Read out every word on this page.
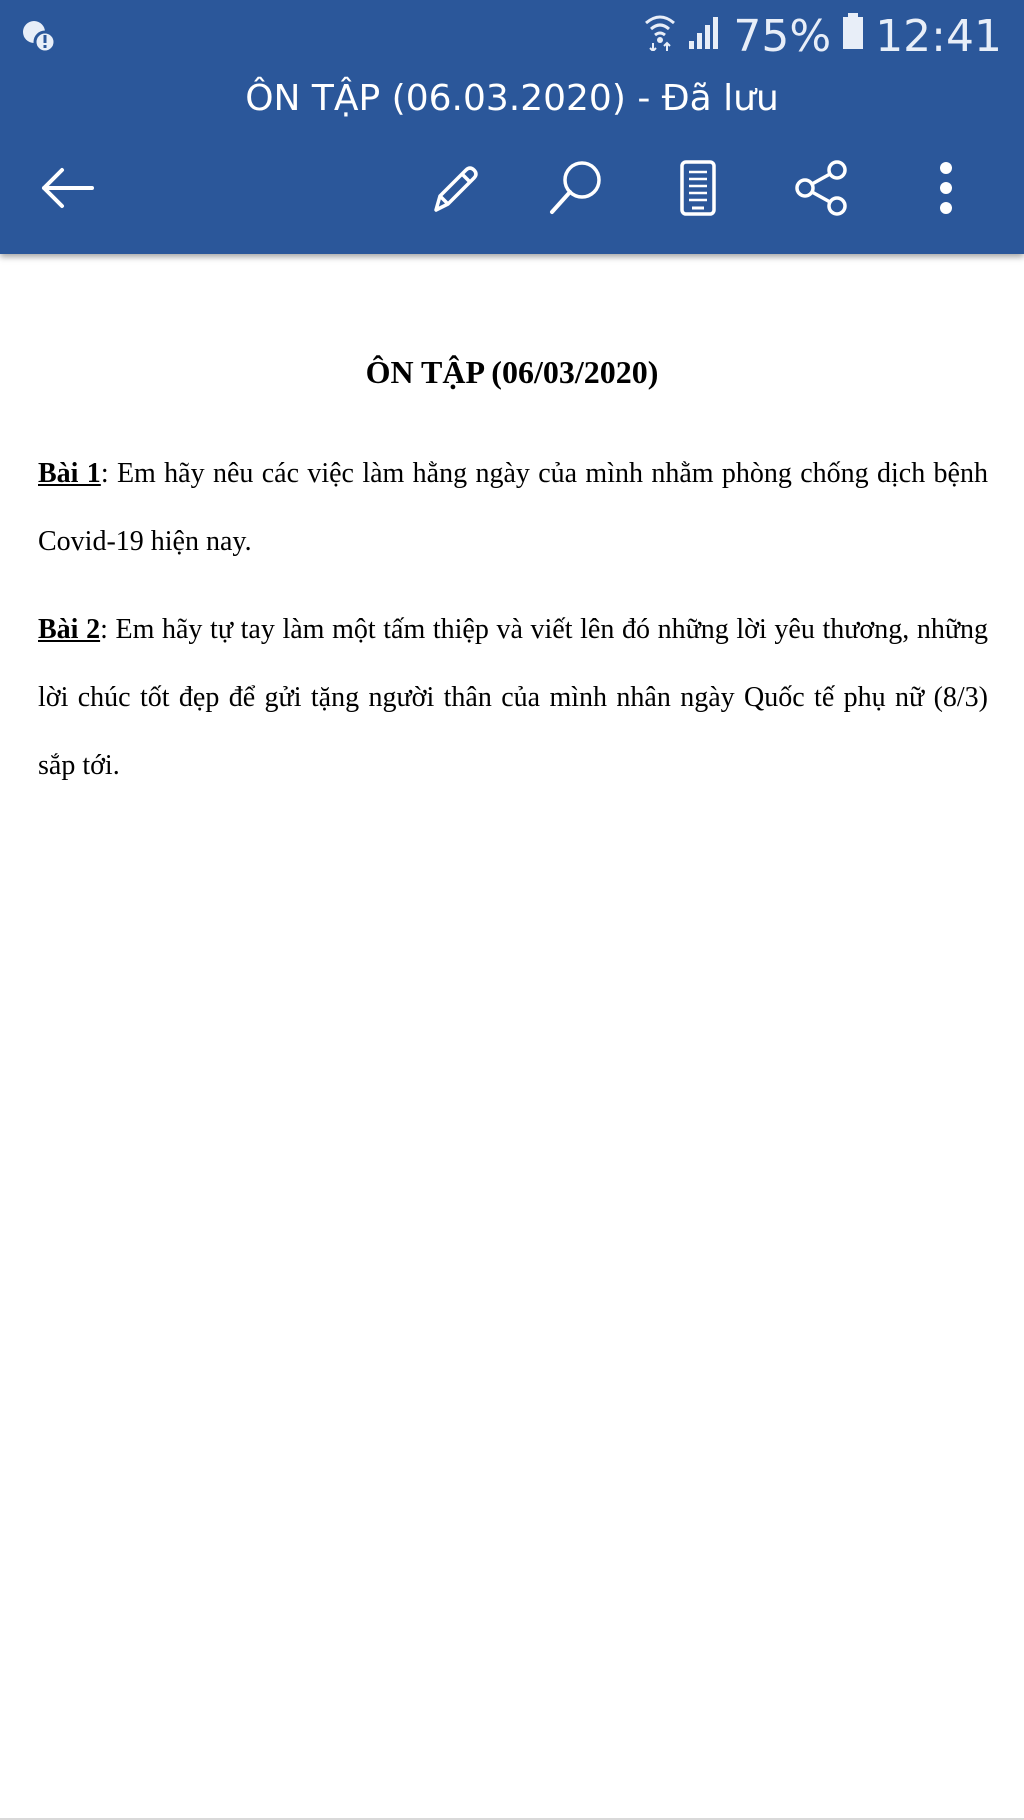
75% 12:41
ÔN TẬP (06.03.2020) - Đã lưu
ÔN TẬP (06/03/2020)
Bài 1: Em hãy nêu các việc làm hằng ngày của mình nhằm phòng chống dịch bệnh Covid-19 hiện nay.
Bài 2: Em hãy tự tay làm một tấm thiệp và viết lên đó những lời yêu thương, những lời chúc tốt đẹp để gửi tặng người thân của mình nhân ngày Quốc tế phụ nữ (8/3) sắp tới.
